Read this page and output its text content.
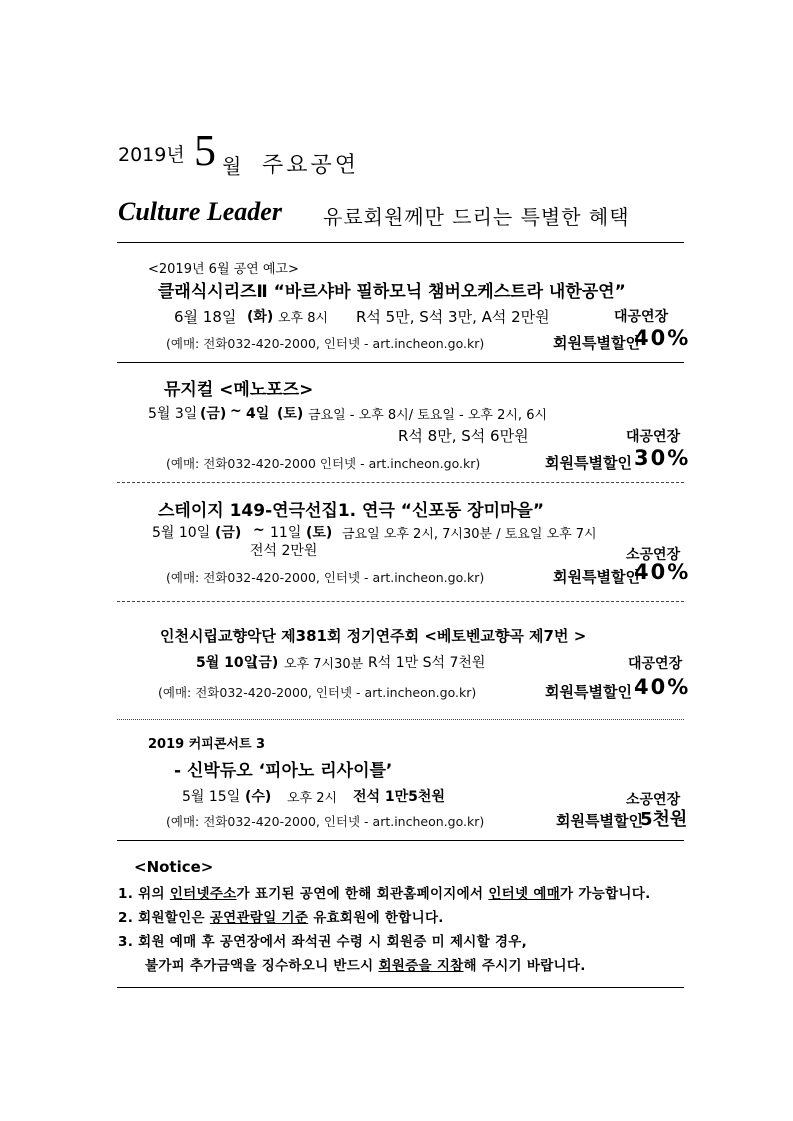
2019년 5 월 주요공연
Culture Leader 유료회원께만 드리는 특별한 혜택
<2019년 6월 공연 예고>
클래식시리즈Ⅱ “바르샤바 필하모닉 챔버오케스트라 내한공연”
6월 18일 (화) 오후 8시 R석 5만, S석 3만, A석 2만원	대공연장
(예매: 전화032-420-2000, 인터넷 - art.incheon.go.kr)	회원특별할인
40%
뮤지컬 <메노포즈>
5월 3일 (금) ~ 4일 (토) 금요일 - 오후 8시/ 토요일 - 오후 2시, 6시
R석 8만, S석 6만원	대공연장
(예매: 전화032-420-2000 인터넷 - art.incheon.go.kr)	회원특별할인 30%
스테이지 149-연극선집1. 연극 “신포동 장미마을”
5월 10일 (금) ~ 11일 (토) 금요일 오후 2시, 7시30분 / 토요일 오후 7시
전석 2만원	소공연장
(예매: 전화032-420-2000, 인터넷 - art.incheon.go.kr)	회원특별할인
40%
인천시립교향악단 제381회 정기연주회 <베토벤교향곡 제7번 >
5월 10일
(금) 오후 7시30분 R석 1만 S석 7천원	대공연장
(예매: 전화032-420-2000, 인터넷 - art.incheon.go.kr)	회원특별할인 40%
2019 커피콘서트 3
- 신박듀오 ‘피아노 리사이틀’
5월 15일 (수) 오후 2시 전석 1만5천원	소공연장
(예매: 전화032-420-2000, 인터넷 - art.incheon.go.kr)	회원특별할인
5천원
<Notice>
1. 위의 인터넷주소가 표기된 공연에 한해 회관홈페이지에서 인터넷 예매가 가능합니다.
2. 회원할인은 공연관람일 기준 유효회원에 한합니다.
3. 회원 예매 후 공연장에서 좌석권 수령 시 회원증 미 제시할 경우,
불가피 추가금액을 징수하오니 반드시 회원증을 지참해 주시기 바랍니다.
